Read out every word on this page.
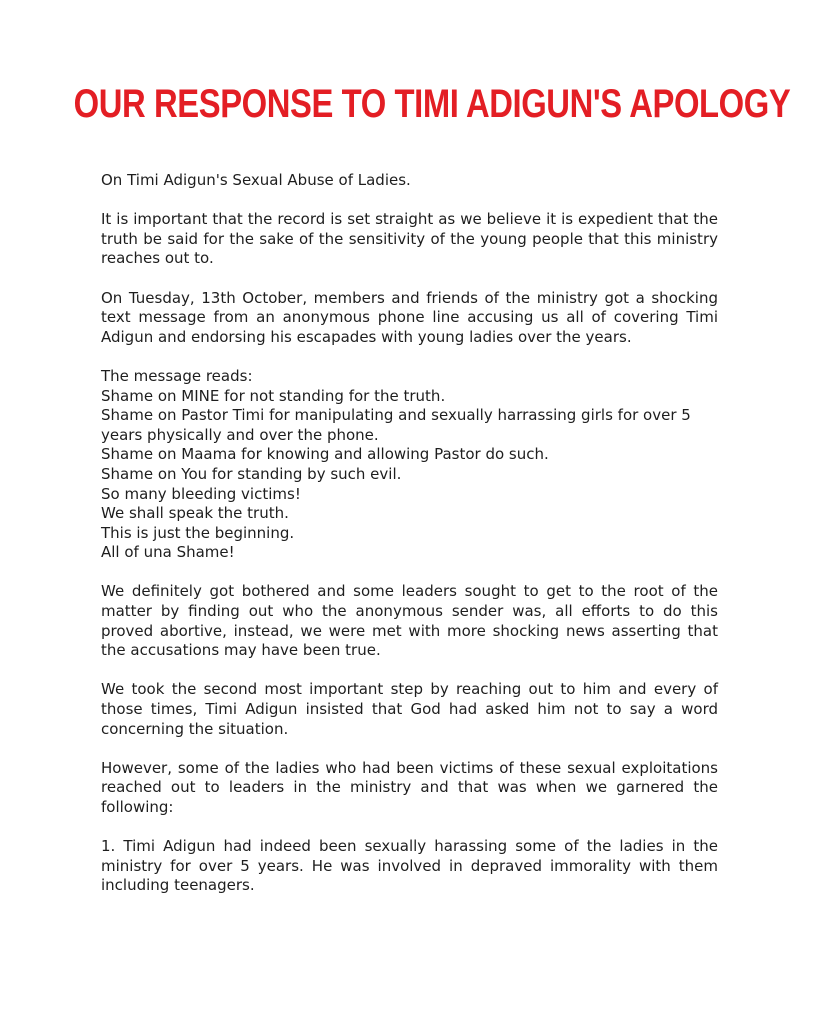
OUR RESPONSE TO TIMI ADIGUN'S APOLOGY

On Timi Adigun's Sexual Abuse of Ladies.

It is important that the record is set straight as we believe it is expedient that the truth be said for the sake of the sensitivity of the young people that this ministry reaches out to.

On Tuesday, 13th October, members and friends of the ministry got a shocking text message from an anonymous phone line accusing us all of covering Timi Adigun and endorsing his escapades with young ladies over the years.

The message reads:

Shame on MINE for not standing for the truth.

Shame on Pastor Timi for manipulating and sexually harrassing girls for over 5 years physically and over the phone.

Shame on Maama for knowing and allowing Pastor do such.

Shame on You for standing by such evil.

So many bleeding victims!

We shall speak the truth.

This is just the beginning.

All of una Shame!

We definitely got bothered and some leaders sought to get to the root of the matter by finding out who the anonymous sender was, all efforts to do this proved abortive, instead, we were met with more shocking news asserting that the accusations may have been true.

We took the second most important step by reaching out to him and every of those times, Timi Adigun insisted that God had asked him not to say a word concerning the situation.

However, some of the ladies who had been victims of these sexual exploitations reached out to leaders in the ministry and that was when we garnered the following:

1. Timi Adigun had indeed been sexually harassing some of the ladies in the ministry for over 5 years. He was involved in depraved immorality with them including teenagers.
